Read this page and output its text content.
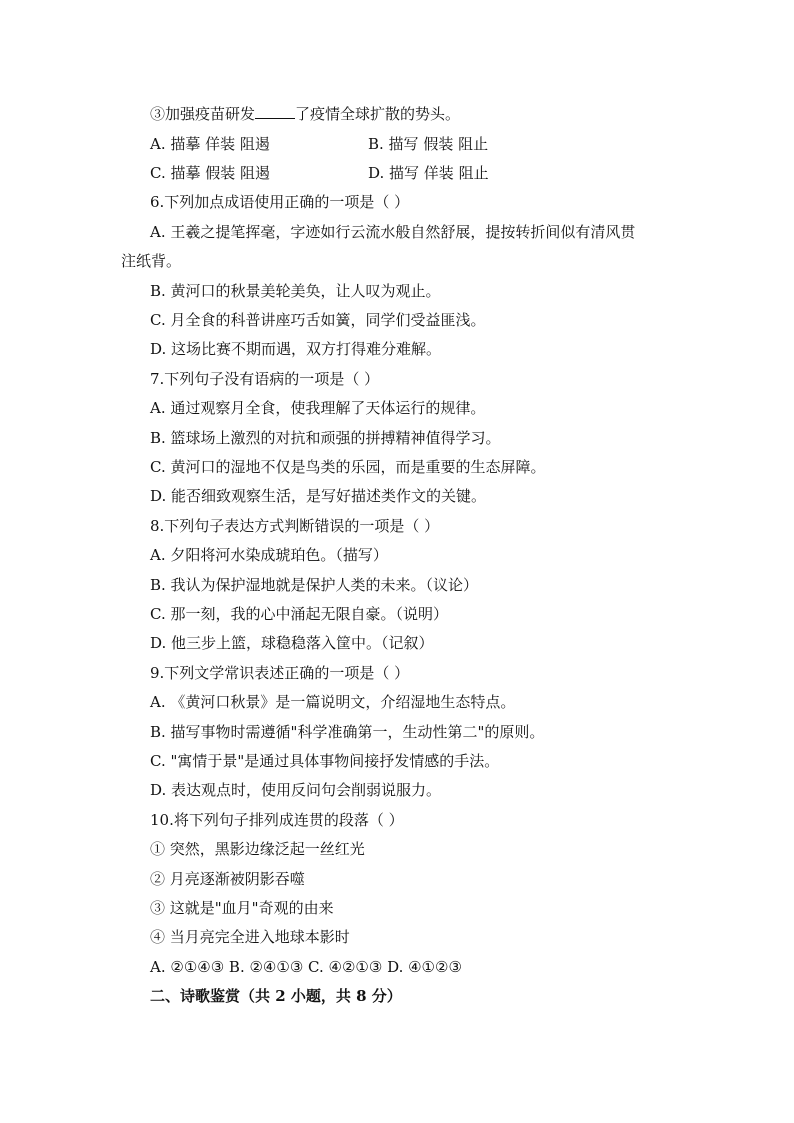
③加强疫苗研发	了疫情全球扩散的势头。
A. 描摹 佯装 阻遏	B. 描写 假装 阻止
C. 描摹 假装 阻遏	D. 描写 佯装 阻止
6.下列加点成语使用正确的一项是（ ）
A. 王羲之提笔挥毫，字迹如行云流水般自然舒展，提按转折间似有清风贯
注纸背。
B. 黄河口的秋景美轮美奂，让人叹为观止。
C. 月全食的科普讲座巧舌如簧，同学们受益匪浅。
D. 这场比赛不期而遇，双方打得难分难解。
7.下列句子没有语病的一项是（ ）
A. 通过观察月全食，使我理解了天体运行的规律。
B. 篮球场上激烈的对抗和顽强的拼搏精神值得学习。
C. 黄河口的湿地不仅是鸟类的乐园，而是重要的生态屏障。
D. 能否细致观察生活，是写好描述类作文的关键。
8.下列句子表达方式判断错误的一项是（ ）
A. 夕阳将河水染成琥珀色。（描写）
B. 我认为保护湿地就是保护人类的未来。（议论）
C. 那一刻，我的心中涌起无限自豪。（说明）
D. 他三步上篮，球稳稳落入筐中。（记叙）
9.下列文学常识表述正确的一项是（ ）
A. 《黄河口秋景》是一篇说明文，介绍湿地生态特点。
B. 描写事物时需遵循"科学准确第一，生动性第二"的原则。
C. "寓情于景"是通过具体事物间接抒发情感的手法。
D. 表达观点时，使用反问句会削弱说服力。
10.将下列句子排列成连贯的段落（ ）
① 突然，黑影边缘泛起一丝红光
② 月亮逐渐被阴影吞噬
③ 这就是"血月"奇观的由来
④ 当月亮完全进入地球本影时
A. ②①④③ B. ②④①③ C. ④②①③ D. ④①②③
二、诗歌鉴赏（共 2 小题，共 8 分）
